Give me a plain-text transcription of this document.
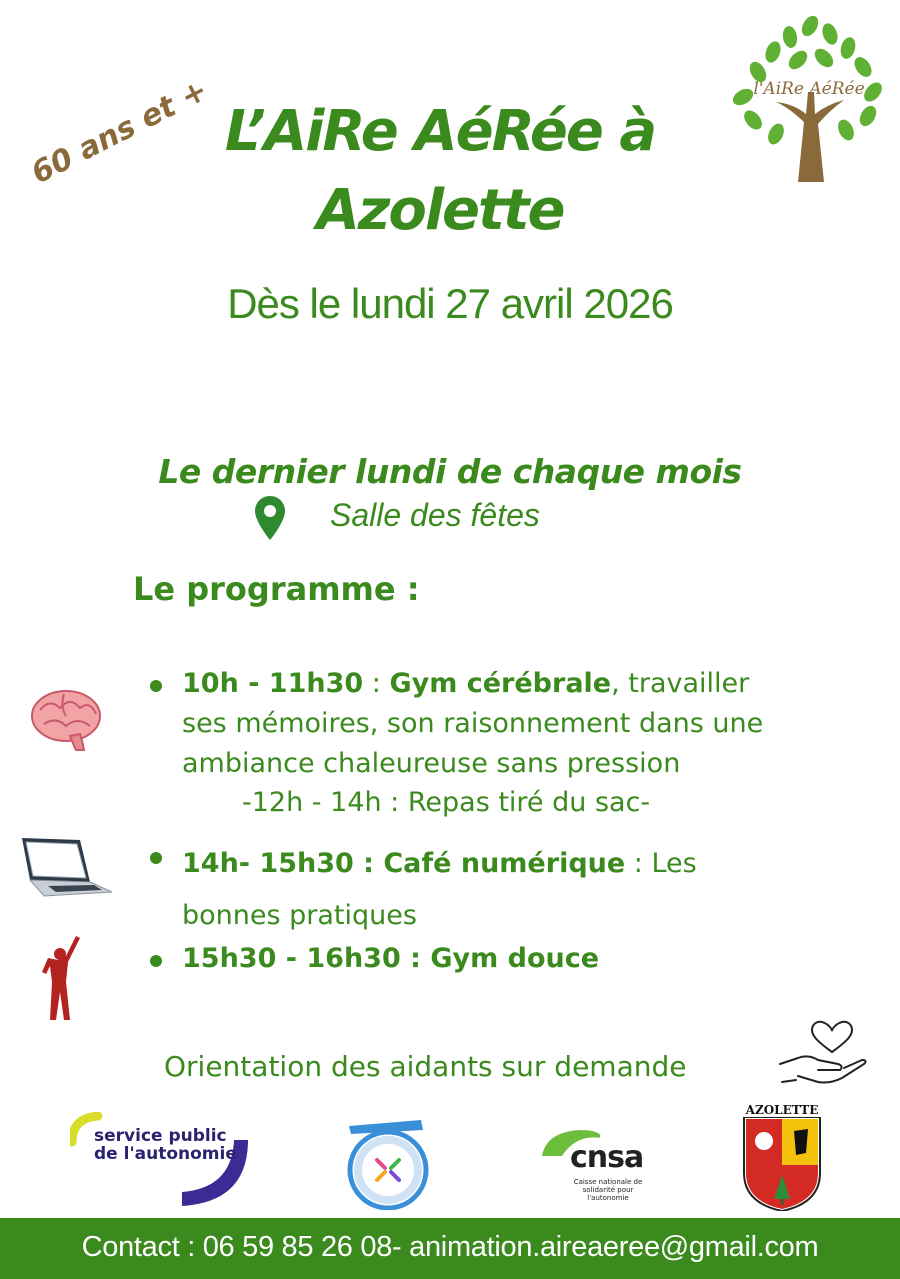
60 ans et + L’AiRe AéRée à
Azolette
l'AiRe AéRée
Dès le lundi 27 avril 2026
Le dernier lundi de chaque mois
Salle des fêtes
Le programme :
10h - 11h30 : Gym cérébrale, travailler ses mémoires, son raisonnement dans une ambiance chaleureuse sans pression
-12h - 14h : Repas tiré du sac-
14h- 15h30 : Café numérique : Les bonnes pratiques
15h30 - 16h30 : Gym douce
Orientation des aidants sur demande
service public
de l'autonomie	cnsa
Caisse nationale de solidarité pour l'autonomie
AZOLETTE
Contact : 06 59 85 26 08- animation.aireaeree@gmail.com
